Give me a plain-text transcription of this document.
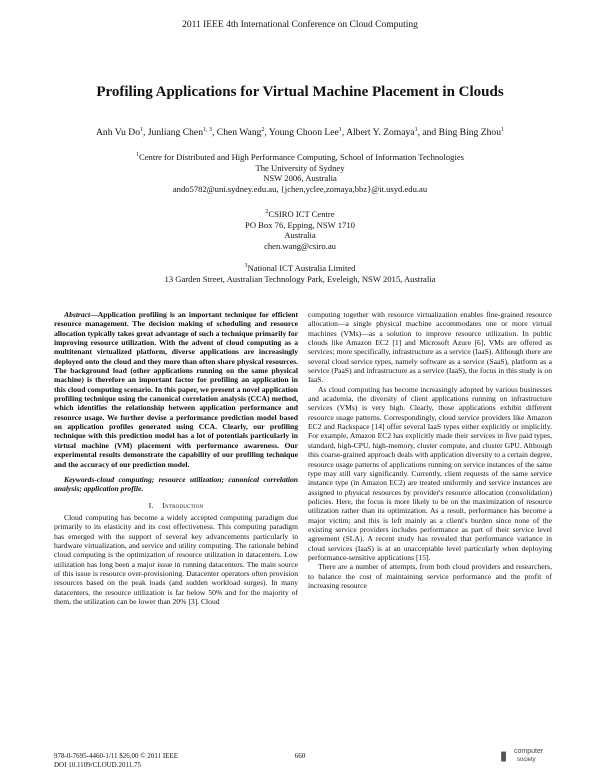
2011 IEEE 4th International Conference on Cloud Computing
Profiling Applications for Virtual Machine Placement in Clouds
Anh Vu Do$^1$, Junliang Chen$^{1, 3}$, Chen Wang$^2$, Young Choon Lee$^1$, Albert Y. Zomaya$^1$, and Bing Bing Zhou$^1$
$^1$Centre for Distributed and High Performance Computing, School of Information Technologies
The University of Sydney
NSW 2006, Australia
ando5782@uni.sydney.edu.au, {jchen,yclee,zomaya,bbz}@it.usyd.edu.au
$^2$CSIRO ICT Centre
PO Box 76, Epping, NSW 1710
Australia
chen.wang@csiro.au
$^3$National ICT Australia Limited
13 Garden Street, Australian Technology Park, Eveleigh, NSW 2015, Australia

Abstract—Application profiling is an important technique for efficient resource management. The decision making of scheduling and resource allocation typically takes great advantage of such a technique primarily for improving resource utilization. With the advent of cloud computing as a multitenant virtualized platform, diverse applications are increasingly deployed onto the cloud and they more than often share physical resources. The background load (other applications running on the same physical machine) is therefore an important factor for profiling an application in this cloud computing scenario. In this paper, we present a novel application profiling technique using the canonical correlation analysis (CCA) method, which identifies the relationship between application performance and resource usage. We further devise a performance prediction model based on application profiles generated using CCA. Clearly, our profiling technique with this prediction model has a lot of potentials particularly in virtual machine (VM) placement with performance awareness. Our experimental results demonstrate the capability of our profiling technique and the accuracy of our prediction model.

Keywords-cloud computing; resource utilization; canonical correlation analysis; application profile.

I. Introduction

Cloud computing has become a widely accepted computing paradigm due primarily to its elasticity and its cost effectiveness. This computing paradigm has emerged with the support of several key advancements particularly in hardware virtualization, and service and utility computing. The rationale behind cloud computing is the optimization of resource utilization in datacenters. Low utilization has long been a major issue in running datacenters. The main source of this issue is resource over-provisioning. Datacenter operators often provision resources based on the peak loads (and sudden workload surges). In many datacenters, the resource utilization is far below 50% and for the majority of them, the utilization can be lower than 20% [3]. Cloud

computing together with resource virtualization enables fine-grained resource allocation—a single physical machine accommodates one or more virtual machines (VMs)—as a solution to improve resource utilization. In public clouds like Amazon EC2 [1] and Microsoft Azure [6], VMs are offered as services; more specifically, infrastructure as a service (IaaS). Although there are several cloud service types, namely software as a service (SaaS), platform as a service (PaaS) and infrastructure as a service (IaaS), the focus in this study is on IaaS.

As cloud computing has become increasingly adopted by various businesses and academia, the diversity of client applications running on infrastructure services (VMs) is very high. Clearly, those applications exhibit different resource usage patterns. Correspondingly, cloud service providers like Amazon EC2 and Rackspace [14] offer several IaaS types either explicitly or implicitly. For example, Amazon EC2 has explicitly made their services in five paid types, standard, high-CPU, high-memory, cluster compute, and cluster GPU. Although this coarse-grained approach deals with application diversity to a certain degree, resource usage patterns of applications running on service instances of the same type may still vary significantly. Currently, client requests of the same service instance type (in Amazon EC2) are treated uniformly and service instances are assigned to physical resources by provider's resource allocation (consolidation) policies. Here, the focus is more likely to be on the maximization of resource utilization rather than its optimization. As a result, performance has become a major victim; and this is left mainly as a client's burden since none of the existing service providers includes performance as part of their service level agreement (SLA). A recent study has revealed that performance variance in cloud services (IaaS) is at an unacceptable level particularly when deploying performance-sensitive applications [15].

There are a number of attempts, from both cloud providers and researchers, to balance the cost of maintaining service performance and the profit of increasing resource

978-0-7695-4460-1/11 $26.00 © 2011 IEEE
DOI 10.1109/CLOUD.2011.75
660	▮ computer
society
